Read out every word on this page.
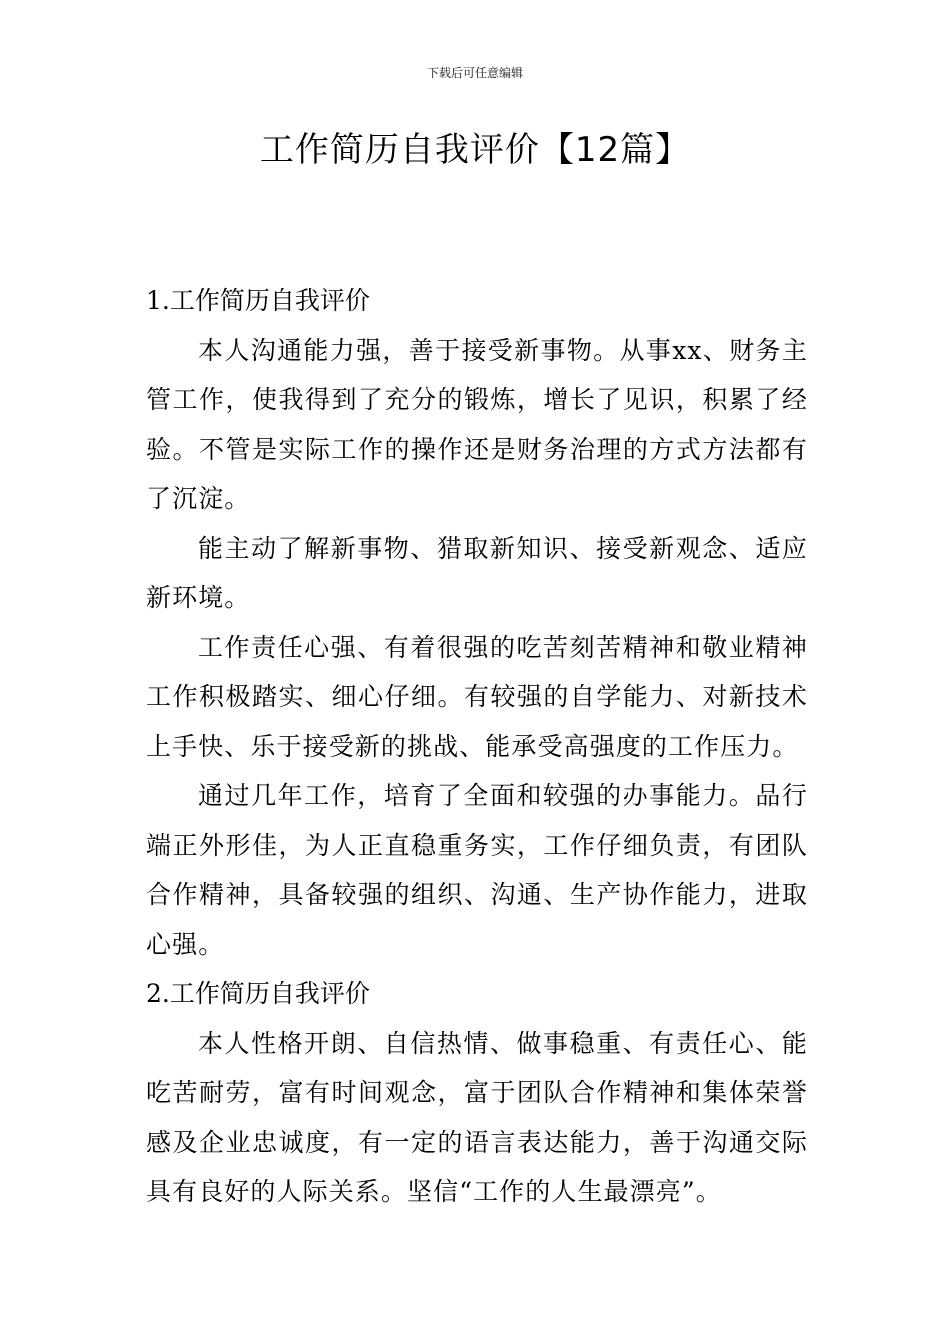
下载后可任意编辑
工作简历自我评价【12篇】

1.工作简历自我评价

本人沟通能力强，善于接受新事物。从事xx、财务主管工作，使我得到了充分的锻炼，增长了见识，积累了经验。不管是实际工作的操作还是财务治理的方式方法都有了沉淀。

能主动了解新事物、猎取新知识、接受新观念、适应新环境。

工作责任心强、有着很强的吃苦刻苦精神和敬业精神工作积极踏实、细心仔细。有较强的自学能力、对新技术上手快、乐于接受新的挑战、能承受高强度的工作压力。

通过几年工作，培育了全面和较强的办事能力。品行端正外形佳，为人正直稳重务实，工作仔细负责，有团队合作精神，具备较强的组织、沟通、生产协作能力，进取心强。

2.工作简历自我评价

本人性格开朗、自信热情、做事稳重、有责任心、能吃苦耐劳，富有时间观念，富于团队合作精神和集体荣誉感及企业忠诚度，有一定的语言表达能力，善于沟通交际具有良好的人际关系。坚信“工作的人生最漂亮”。
